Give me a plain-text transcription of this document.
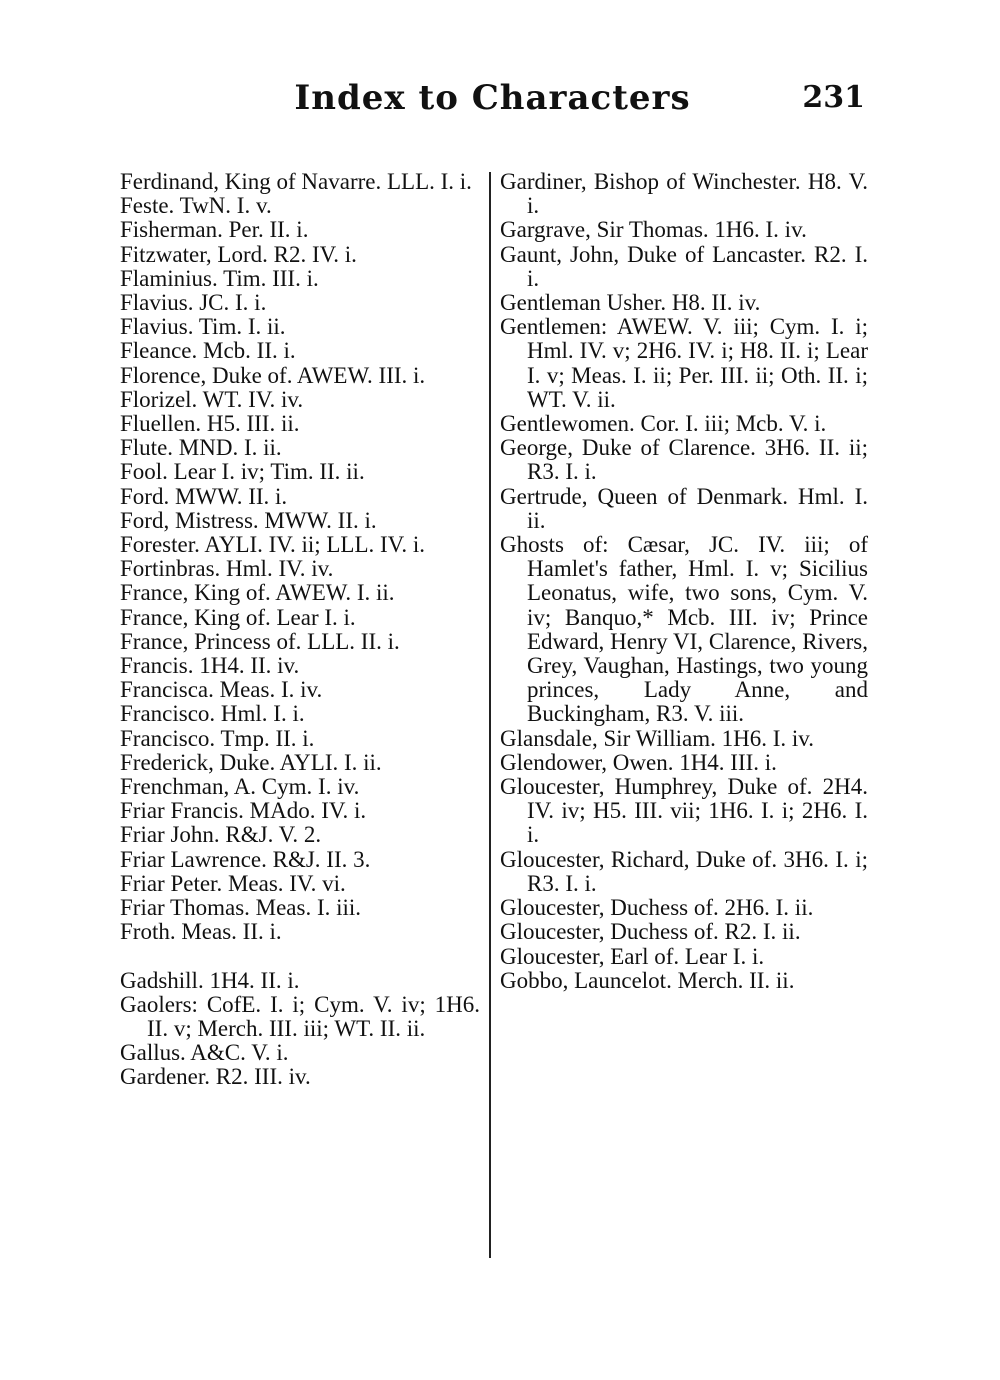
Index to Characters	231

Ferdinand, King of Navarre. LLL. I. i.

Feste. TwN. I. v.

Fisherman. Per. II. i.

Fitzwater, Lord. R2. IV. i.

Flaminius. Tim. III. i.

Flavius. JC. I. i.

Flavius. Tim. I. ii.

Fleance. Mcb. II. i.

Florence, Duke of. AWEW. III. i.

Florizel. WT. IV. iv.

Fluellen. H5. III. ii.

Flute. MND. I. ii.

Fool. Lear I. iv; Tim. II. ii.

Ford. MWW. II. i.

Ford, Mistress. MWW. II. i.

Forester. AYLI. IV. ii; LLL. IV. i.

Fortinbras. Hml. IV. iv.

France, King of. AWEW. I. ii.

France, King of. Lear I. i.

France, Princess of. LLL. II. i.

Francis. 1H4. II. iv.

Francisca. Meas. I. iv.

Francisco. Hml. I. i.

Francisco. Tmp. II. i.

Frederick, Duke. AYLI. I. ii.

Frenchman, A. Cym. I. iv.

Friar Francis. MAdo. IV. i.

Friar John. R&J. V. 2.

Friar Lawrence. R&J. II. 3.

Friar Peter. Meas. IV. vi.

Friar Thomas. Meas. I. iii.

Froth. Meas. II. i.

Gadshill. 1H4. II. i.

Gaolers: CofE. I. i; Cym. V. iv; 1H6. II. v; Merch. III. iii; WT. II. ii.

Gallus. A&C. V. i.

Gardener. R2. III. iv.

Gardiner, Bishop of Winchester. H8. V. i.

Gargrave, Sir Thomas. 1H6. I. iv.

Gaunt, John, Duke of Lancaster. R2. I. i.

Gentleman Usher. H8. II. iv.

Gentlemen: AWEW. V. iii; Cym. I. i; Hml. IV. v; 2H6. IV. i; H8. II. i; Lear I. v; Meas. I. ii; Per. III. ii; Oth. II. i; WT. V. ii.

Gentlewomen. Cor. I. iii; Mcb. V. i.

George, Duke of Clarence. 3H6. II. ii; R3. I. i.

Gertrude, Queen of Denmark. Hml. I. ii.

Ghosts of: Cæsar, JC. IV. iii; of Hamlet's father, Hml. I. v; Sicilius Leonatus, wife, two sons, Cym. V. iv; Banquo,* Mcb. III. iv; Prince Edward, Henry VI, Clarence, Rivers, Grey, Vaughan, Hastings, two young princes, Lady Anne, and Buckingham, R3. V. iii.

Glansdale, Sir William. 1H6. I. iv.

Glendower, Owen. 1H4. III. i.

Gloucester, Humphrey, Duke of. 2H4. IV. iv; H5. III. vii; 1H6. I. i; 2H6. I. i.

Gloucester, Richard, Duke of. 3H6. I. i; R3. I. i.

Gloucester, Duchess of. 2H6. I. ii.

Gloucester, Duchess of. R2. I. ii.

Gloucester, Earl of. Lear I. i.

Gobbo, Launcelot. Merch. II. ii.
